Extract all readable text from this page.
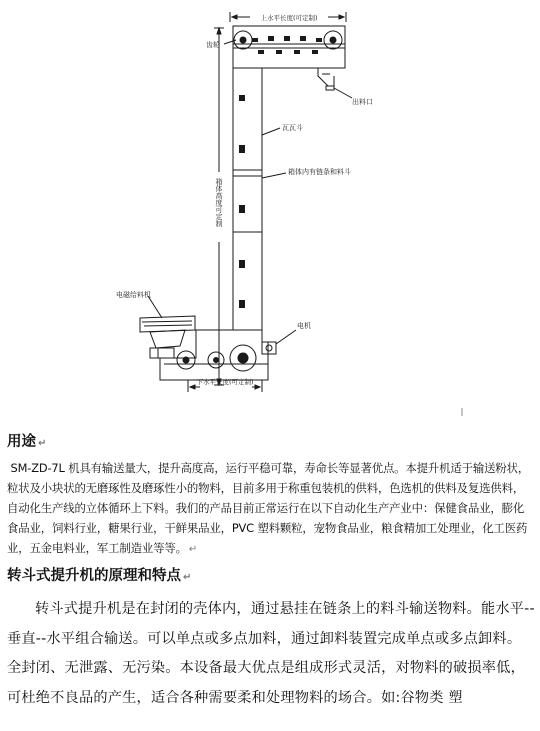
上水平长度(可定制)
齿轮
出料口
瓦瓦斗
箱体内有链条和料斗
电磁给料机
电机
下水平长度(可定制)
箱体高度可定制
用途 ↵
SM-ZD-7L 机具有输送量大，提升高度高，运行平稳可靠，寿命长等显著优点。本提升机适于输送粉状，粒状及小块状的无磨琢性及磨琢性小的物料，目前多用于称重包装机的供料，色选机的供料及复选供料，自动化生产线的立体循环上下料。我们的产品目前正常运行在以下自动化生产产业中：保健食品业，膨化食品业，饲料行业，糖果行业，干鲜果品业，PVC 塑料颗粒，宠物食品业，粮食精加工处理业，化工医药业，五金电料业，军工制造业等等。 ↵
转斗式提升机的原理和特点 ↵
转斗式提升机是在封闭的壳体内，通过悬挂在链条上的料斗输送物料。能水平--垂直--水平组合输送。可以单点或多点加料，通过卸料装置完成单点或多点卸料。全封闭、无泄露、无污染。本设备最大优点是组成形式灵活，对物料的破损率低，可杜绝不良品的产生，适合各种需要柔和处理物料的场合。如:谷物类 塑
